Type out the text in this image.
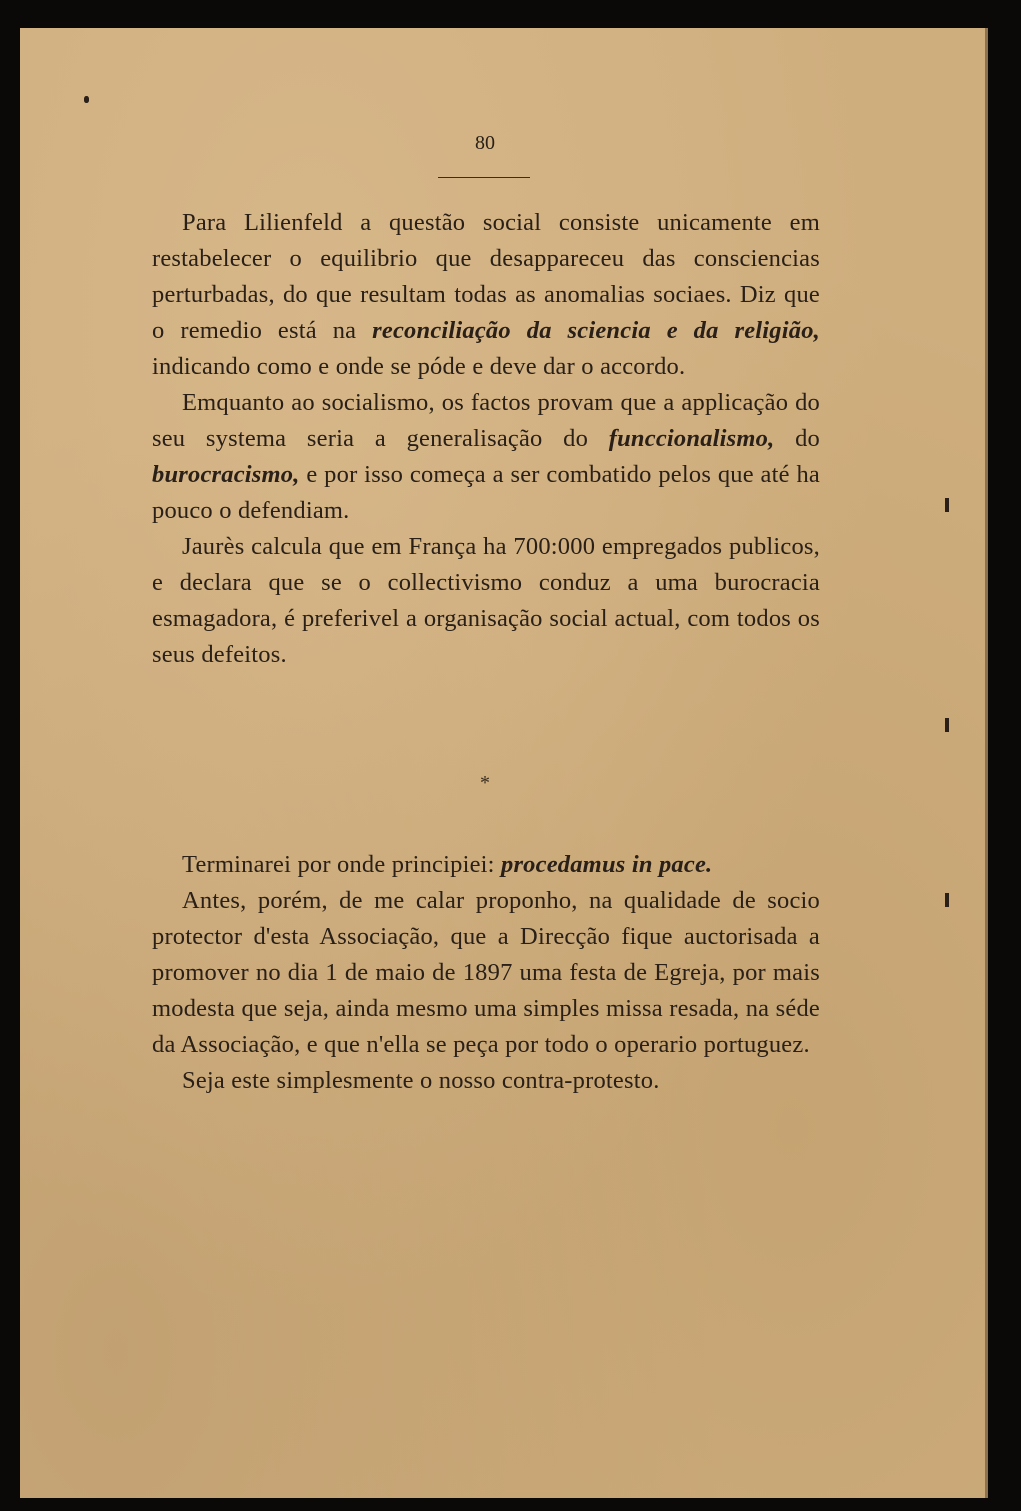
80

Para Lilienfeld a questão social consiste unicamente em restabelecer o equilibrio que desappareceu das consciencias perturbadas, do que resultam todas as anomalias sociaes. Diz que o remedio está na reconciliação da sciencia e da religião, indicando como e onde se póde e deve dar o accordo.

Emquanto ao socialismo, os factos provam que a applicação do seu systema seria a generalisação do funccionalismo, do burocracismo, e por isso começa a ser combatido pelos que até ha pouco o defendiam.

Jaurès calcula que em França ha 700:000 empregados publicos, e declara que se o collectivismo conduz a uma burocracia esmagadora, é preferivel a organisação social actual, com todos os seus defeitos.

*

Terminarei por onde principiei: procedamus in pace.

Antes, porém, de me calar proponho, na qualidade de socio protector d'esta Associação, que a Direcção fique auctorisada a promover no dia 1 de maio de 1897 uma festa de Egreja, por mais modesta que seja, ainda mesmo uma simples missa resada, na séde da Associação, e que n'ella se peça por todo o operario portuguez.

Seja este simplesmente o nosso contra-protesto.
